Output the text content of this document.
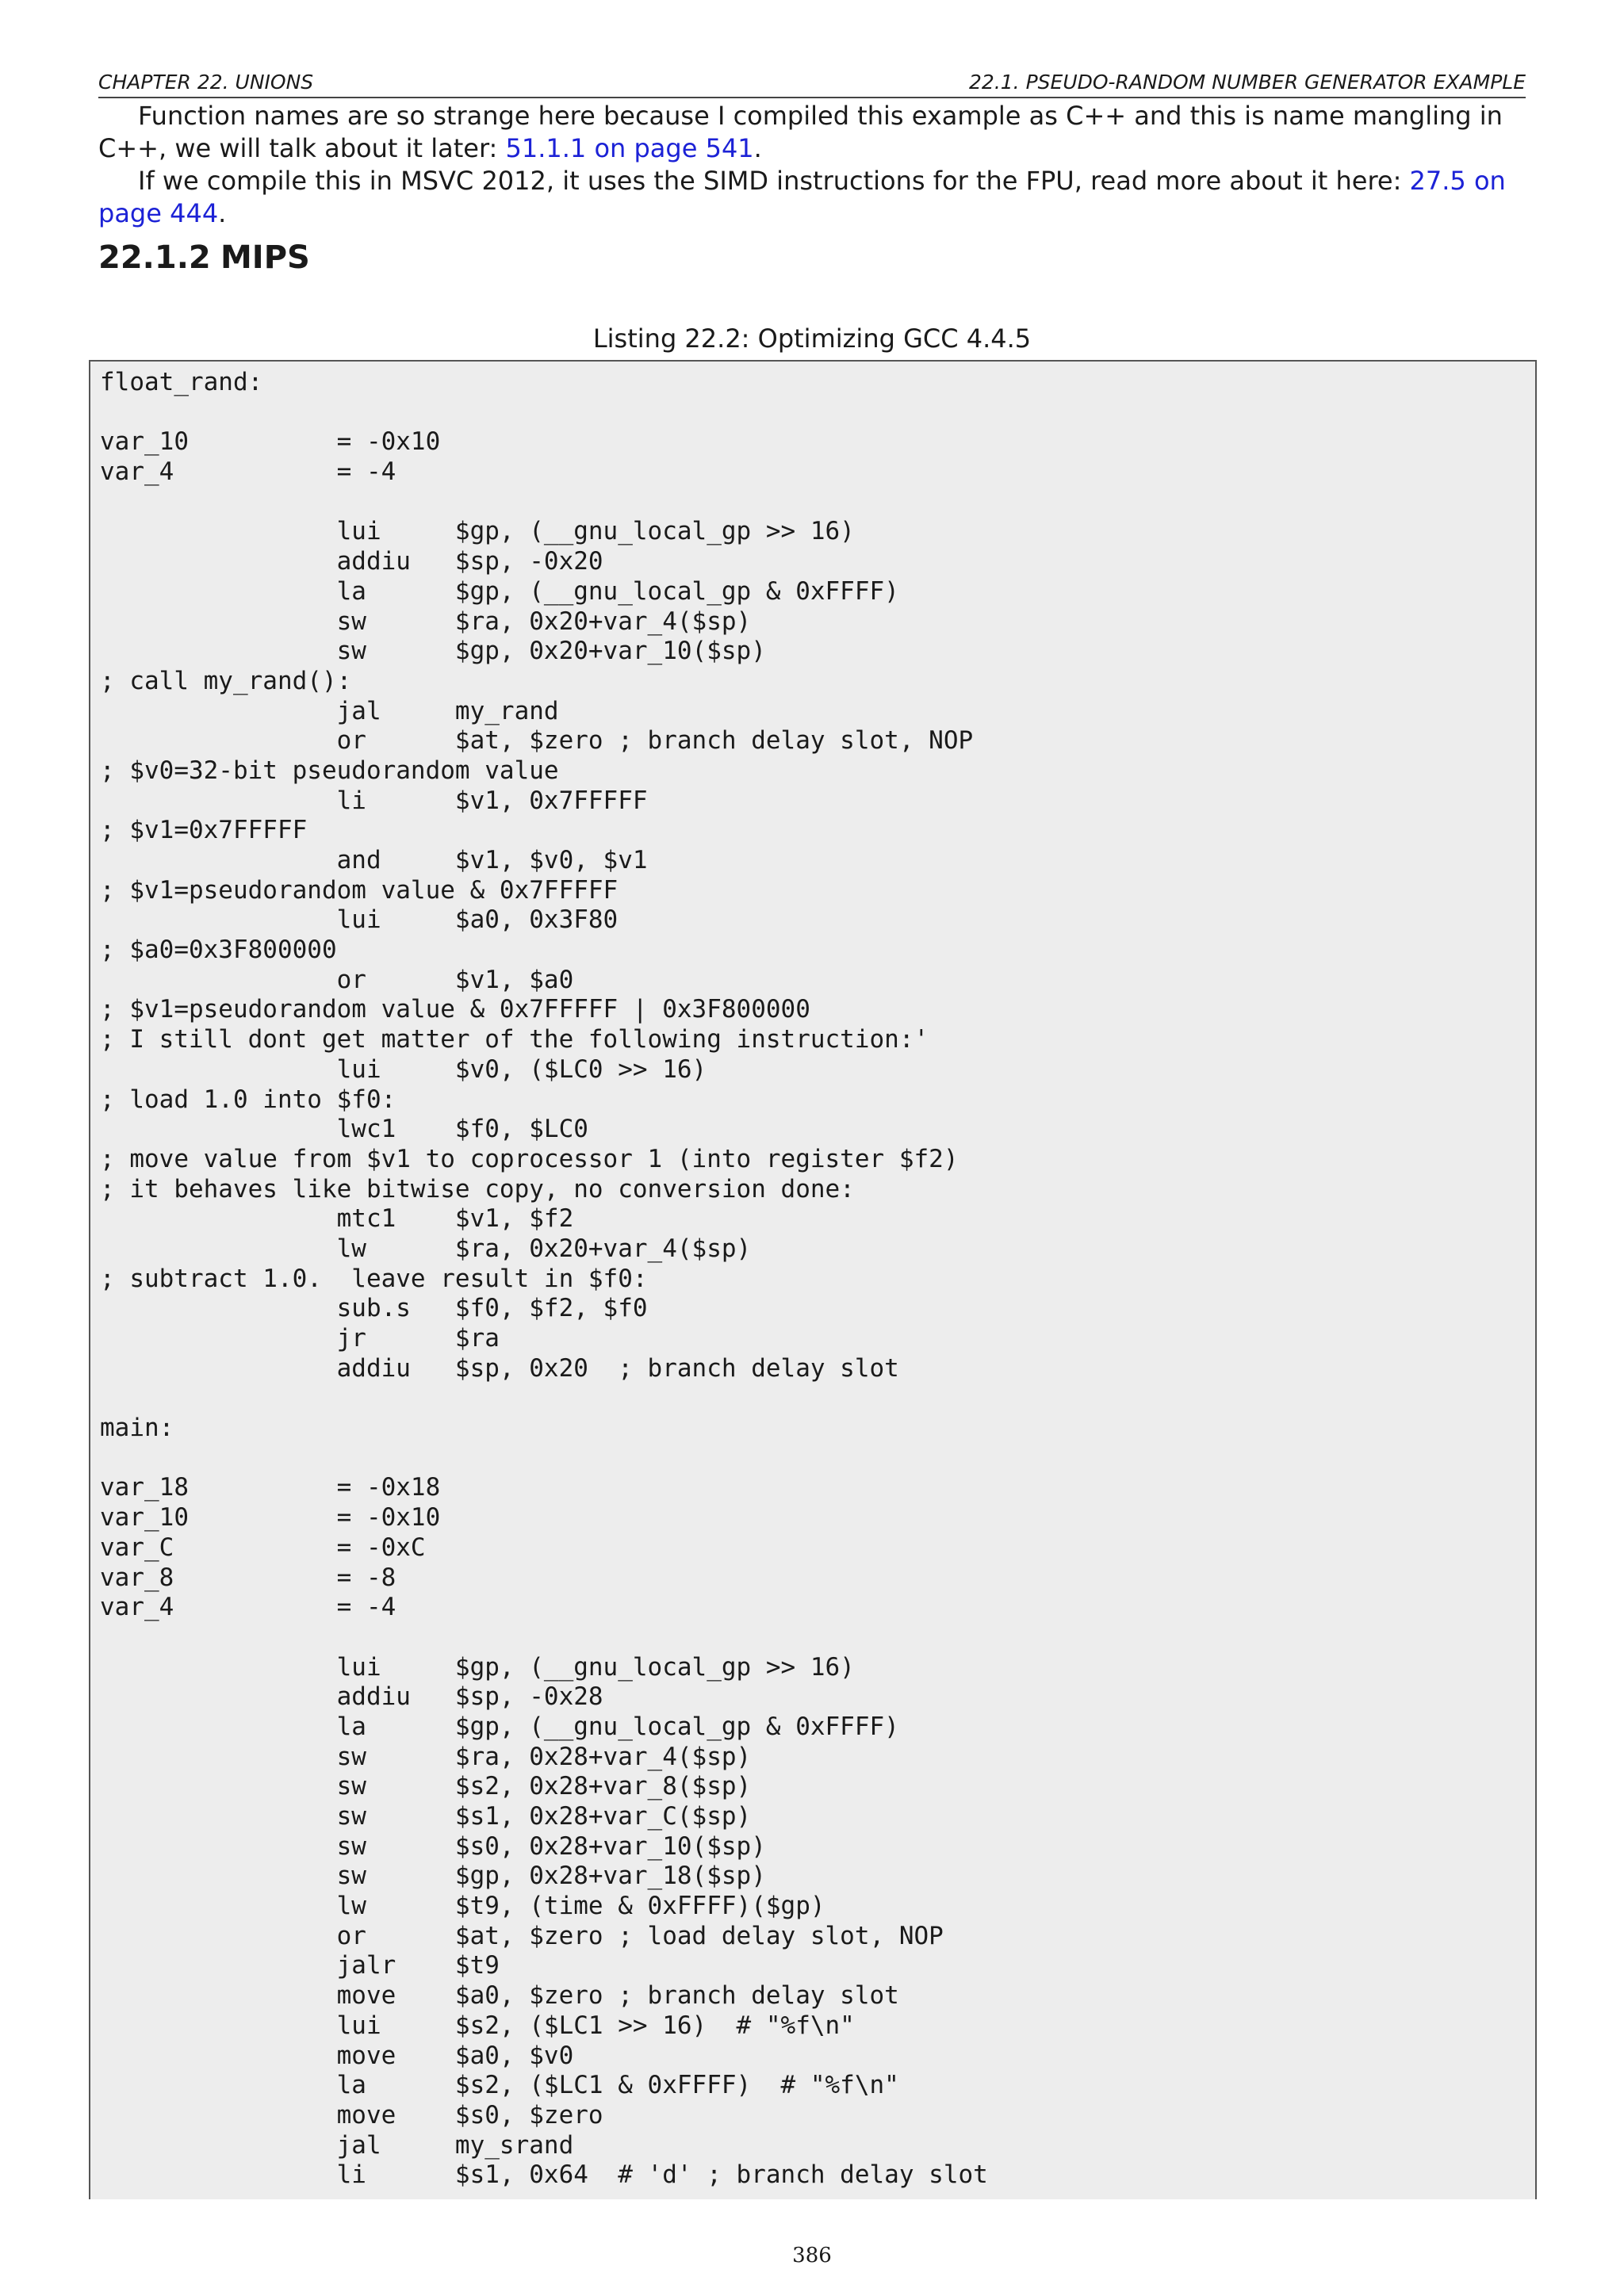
CHAPTER 22. UNIONS	22.1. PSEUDO-RANDOM NUMBER GENERATOR EXAMPLE
Function names are so strange here because I compiled this example as C++ and this is name mangling in C++, we will talk about it later: 51.1.1 on page 541.
If we compile this in MSVC 2012, it uses the SIMD instructions for the FPU, read more about it here: 27.5 on page 444.
22.1.2 MIPS
Listing 22.2: Optimizing GCC 4.4.5
float_rand:
var_10          = -0x10
var_4           = -4
lui     $gp, (__gnu_local_gp >> 16)
addiu   $sp, -0x20
la      $gp, (__gnu_local_gp & 0xFFFF)
sw      $ra, 0x20+var_4($sp)
sw      $gp, 0x20+var_10($sp)
; call my_rand():
jal     my_rand
or      $at, $zero ; branch delay slot, NOP
; $v0=32-bit pseudorandom value
li      $v1, 0x7FFFFF
; $v1=0x7FFFFF
and     $v1, $v0, $v1
; $v1=pseudorandom value & 0x7FFFFF
lui     $a0, 0x3F80
; $a0=0x3F800000
or      $v1, $a0
; $v1=pseudorandom value & 0x7FFFFF | 0x3F800000
; I still dont get matter of the following instruction:'
lui     $v0, ($LC0 >> 16)
; load 1.0 into $f0:
lwc1    $f0, $LC0
; move value from $v1 to coprocessor 1 (into register $f2)
; it behaves like bitwise copy, no conversion done:
mtc1    $v1, $f2
lw      $ra, 0x20+var_4($sp)
; subtract 1.0.  leave result in $f0:
sub.s   $f0, $f2, $f0
jr      $ra
addiu   $sp, 0x20  ; branch delay slot
main:
var_18          = -0x18
var_10          = -0x10
var_C           = -0xC
var_8           = -8
var_4           = -4
lui     $gp, (__gnu_local_gp >> 16)
addiu   $sp, -0x28
la      $gp, (__gnu_local_gp & 0xFFFF)
sw      $ra, 0x28+var_4($sp)
sw      $s2, 0x28+var_8($sp)
sw      $s1, 0x28+var_C($sp)
sw      $s0, 0x28+var_10($sp)
sw      $gp, 0x28+var_18($sp)
lw      $t9, (time & 0xFFFF)($gp)
or      $at, $zero ; load delay slot, NOP
jalr    $t9
move    $a0, $zero ; branch delay slot
lui     $s2, ($LC1 >> 16)  # "%f\n"
move    $a0, $v0
la      $s2, ($LC1 & 0xFFFF)  # "%f\n"
move    $s0, $zero
jal     my_srand
li      $s1, 0x64  # 'd' ; branch delay slot
386
